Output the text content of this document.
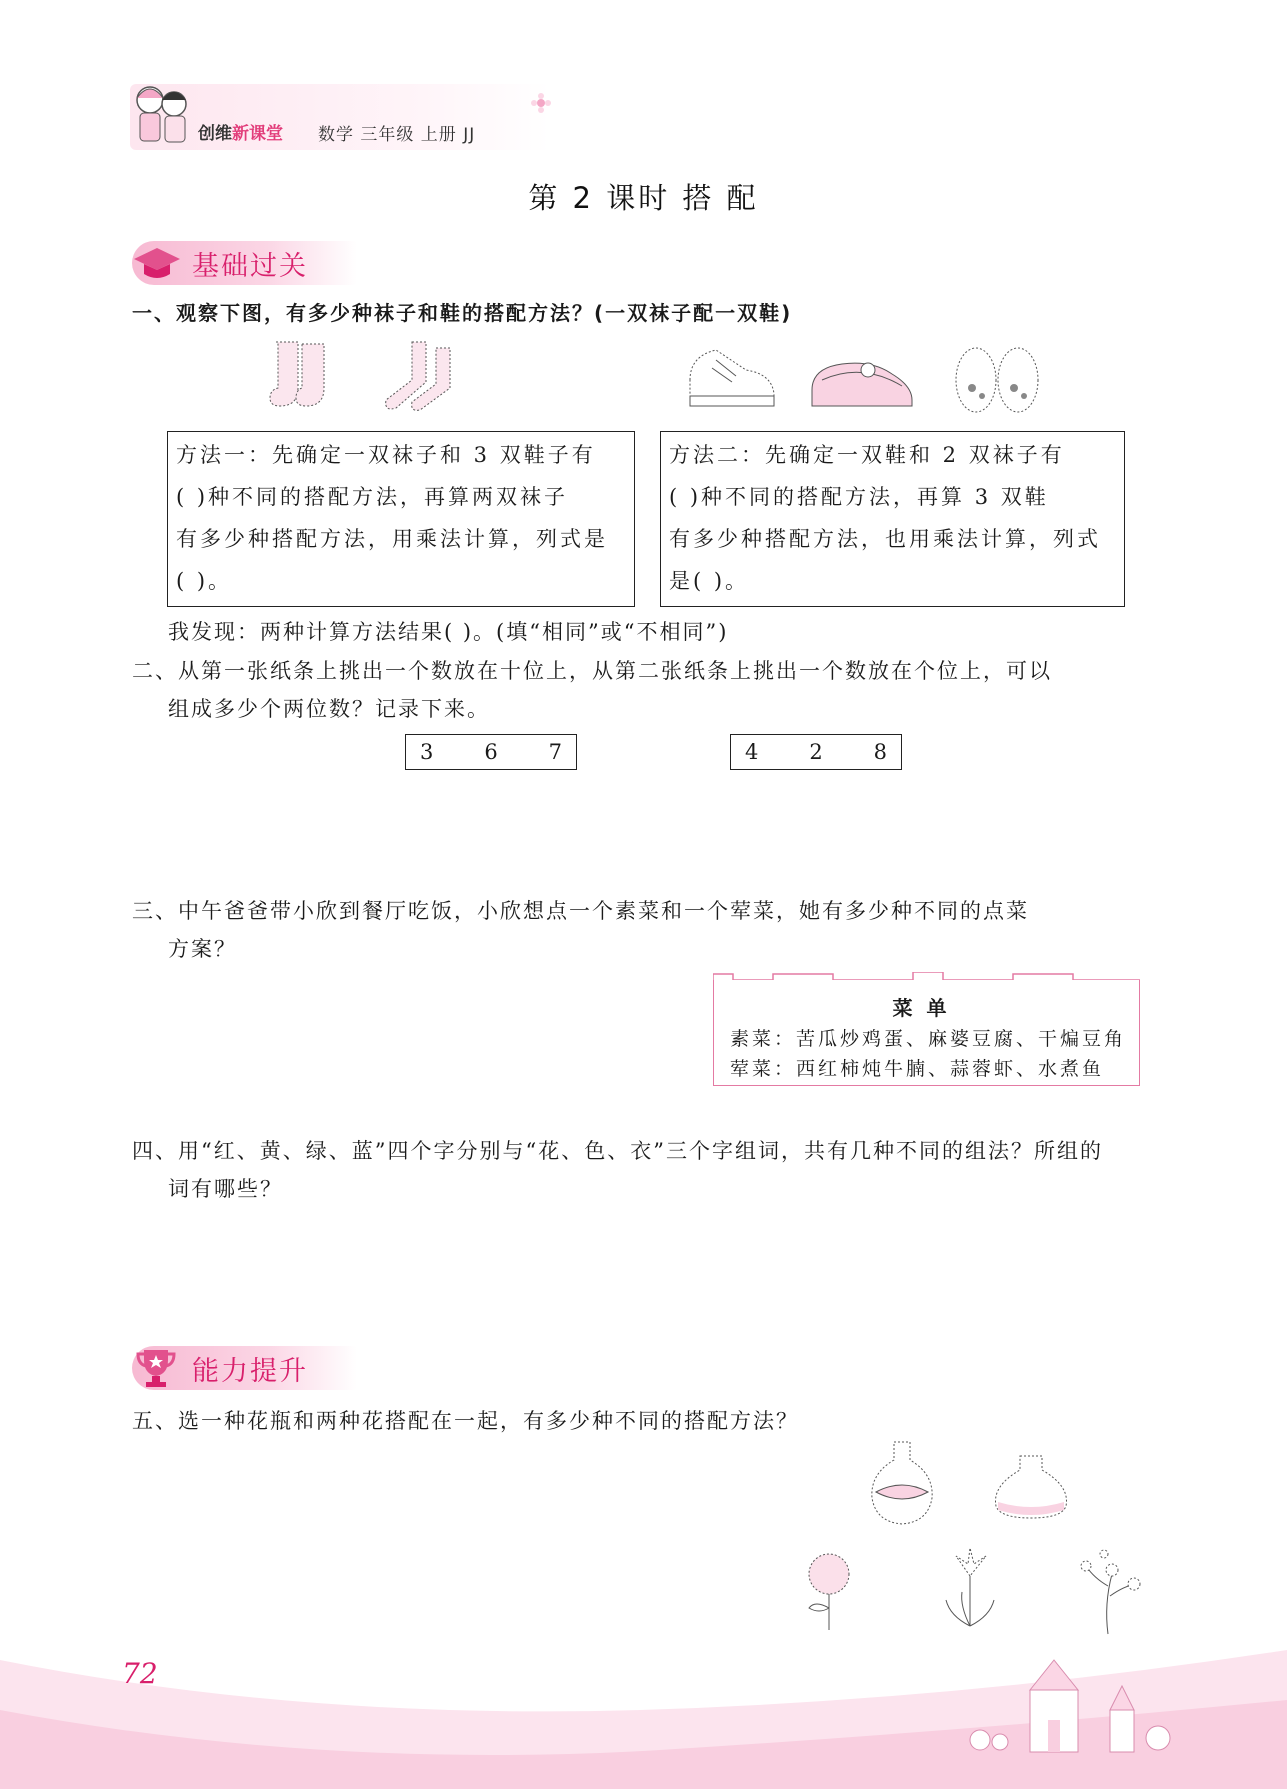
创维新课堂 数学 三年级 上册 JJ
第 2 课时 搭 配
基础过关
一、观察下图，有多少种袜子和鞋的搭配方法？(一双袜子配一双鞋)
方法一：先确定一双袜子和 3 双鞋子有
( )种不同的搭配方法，再算两双袜子
有多少种搭配方法，用乘法计算，列式是
( )。
方法二：先确定一双鞋和 2 双袜子有
( )种不同的搭配方法，再算 3 双鞋
有多少种搭配方法，也用乘法计算，列式
是( )。
我发现：两种计算方法结果( )。(填“相同”或“不相同”)
二、从第一张纸条上挑出一个数放在十位上，从第二张纸条上挑出一个数放在个位上，可以
组成多少个两位数？记录下来。
3 6 7	4 2 8
三、中午爸爸带小欣到餐厅吃饭，小欣想点一个素菜和一个荤菜，她有多少种不同的点菜
方案？
菜单
素菜：苦瓜炒鸡蛋、麻婆豆腐、干煸豆角
荤菜：西红柿炖牛腩、蒜蓉虾、水煮鱼
四、用“红、黄、绿、蓝”四个字分别与“花、色、衣”三个字组词，共有几种不同的组法？所组的
词有哪些？
能力提升
五、选一种花瓶和两种花搭配在一起，有多少种不同的搭配方法？
72
